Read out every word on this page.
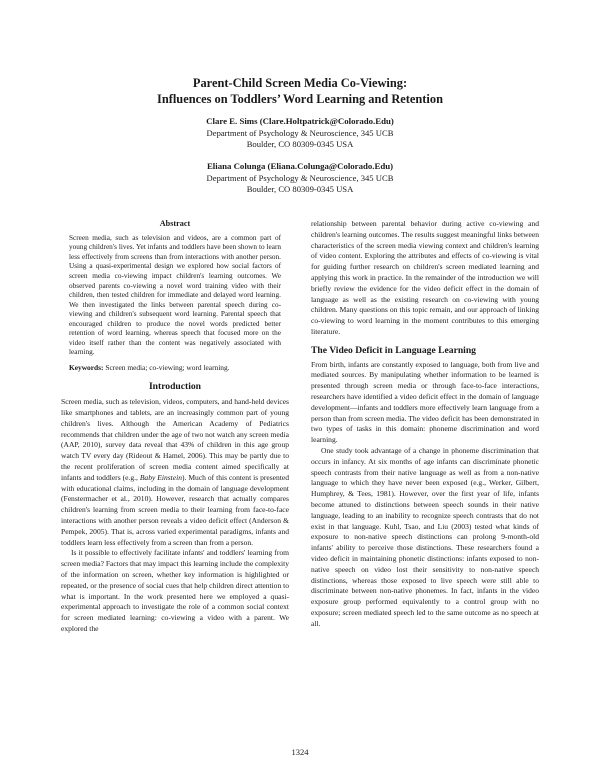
Parent-Child Screen Media Co-Viewing:
Influences on Toddlers’ Word Learning and Retention
Clare E. Sims (Clare.Holtpatrick@Colorado.Edu)
Department of Psychology & Neuroscience, 345 UCB
Boulder, CO 80309-0345 USA
Eliana Colunga (Eliana.Colunga@Colorado.Edu)
Department of Psychology & Neuroscience, 345 UCB
Boulder, CO 80309-0345 USA
Abstract

Screen media, such as television and videos, are a common part of young children's lives. Yet infants and toddlers have been shown to learn less effectively from screens than from interactions with another person. Using a quasi-experimental design we explored how social factors of screen media co-viewing impact children's learning outcomes. We observed parents co-viewing a novel word training video with their children, then tested children for immediate and delayed word learning. We then investigated the links between parental speech during co-viewing and children's subsequent word learning. Parental speech that encouraged children to produce the novel words predicted better retention of word learning, whereas speech that focused more on the video itself rather than the content was negatively associated with learning.

Keywords: Screen media; co-viewing; word learning.

Introduction

Screen media, such as television, videos, computers, and hand-held devices like smartphones and tablets, are an increasingly common part of young children's lives. Although the American Academy of Pediatrics recommends that children under the age of two not watch any screen media (AAP, 2010), survey data reveal that 43% of children in this age group watch TV every day (Rideout & Hamel, 2006). This may be partly due to the recent proliferation of screen media content aimed specifically at infants and toddlers (e.g., Baby Einstein). Much of this content is presented with educational claims, including in the domain of language development (Fenstermacher et al., 2010). However, research that actually compares children's learning from screen media to their learning from face-to-face interactions with another person reveals a video deficit effect (Anderson & Pempek, 2005). That is, across varied experimental paradigms, infants and toddlers learn less effectively from a screen than from a person.

Is it possible to effectively facilitate infants' and toddlers' learning from screen media? Factors that may impact this learning include the complexity of the information on screen, whether key information is highlighted or repeated, or the presence of social cues that help children direct attention to what is important. In the work presented here we employed a quasi-experimental approach to investigate the role of a common social context for screen mediated learning: co-viewing a video with a parent. We explored the

relationship between parental behavior during active co-viewing and children's learning outcomes. The results suggest meaningful links between characteristics of the screen media viewing context and children's learning of video content. Exploring the attributes and effects of co-viewing is vital for guiding further research on children's screen mediated learning and applying this work in practice. In the remainder of the introduction we will briefly review the evidence for the video deficit effect in the domain of language as well as the existing research on co-viewing with young children. Many questions on this topic remain, and our approach of linking co-viewing to word learning in the moment contributes to this emerging literature.

The Video Deficit in Language Learning

From birth, infants are constantly exposed to language, both from live and mediated sources. By manipulating whether information to be learned is presented through screen media or through face-to-face interactions, researchers have identified a video deficit effect in the domain of language development—infants and toddlers more effectively learn language from a person than from screen media. The video deficit has been demonstrated in two types of tasks in this domain: phoneme discrimination and word learning.

One study took advantage of a change in phoneme discrimination that occurs in infancy. At six months of age infants can discriminate phonetic speech contrasts from their native language as well as from a non-native language to which they have never been exposed (e.g., Werker, Gilbert, Humphrey, & Tees, 1981). However, over the first year of life, infants become attuned to distinctions between speech sounds in their native language, leading to an inability to recognize speech contrasts that do not exist in that language. Kuhl, Tsao, and Liu (2003) tested what kinds of exposure to non-native speech distinctions can prolong 9-month-old infants' ability to perceive those distinctions. These researchers found a video deficit in maintaining phonetic distinctions: infants exposed to non-native speech on video lost their sensitivity to non-native speech distinctions, whereas those exposed to live speech were still able to discriminate between non-native phonemes. In fact, infants in the video exposure group performed equivalently to a control group with no exposure; screen mediated speech led to the same outcome as no speech at all.

1324
